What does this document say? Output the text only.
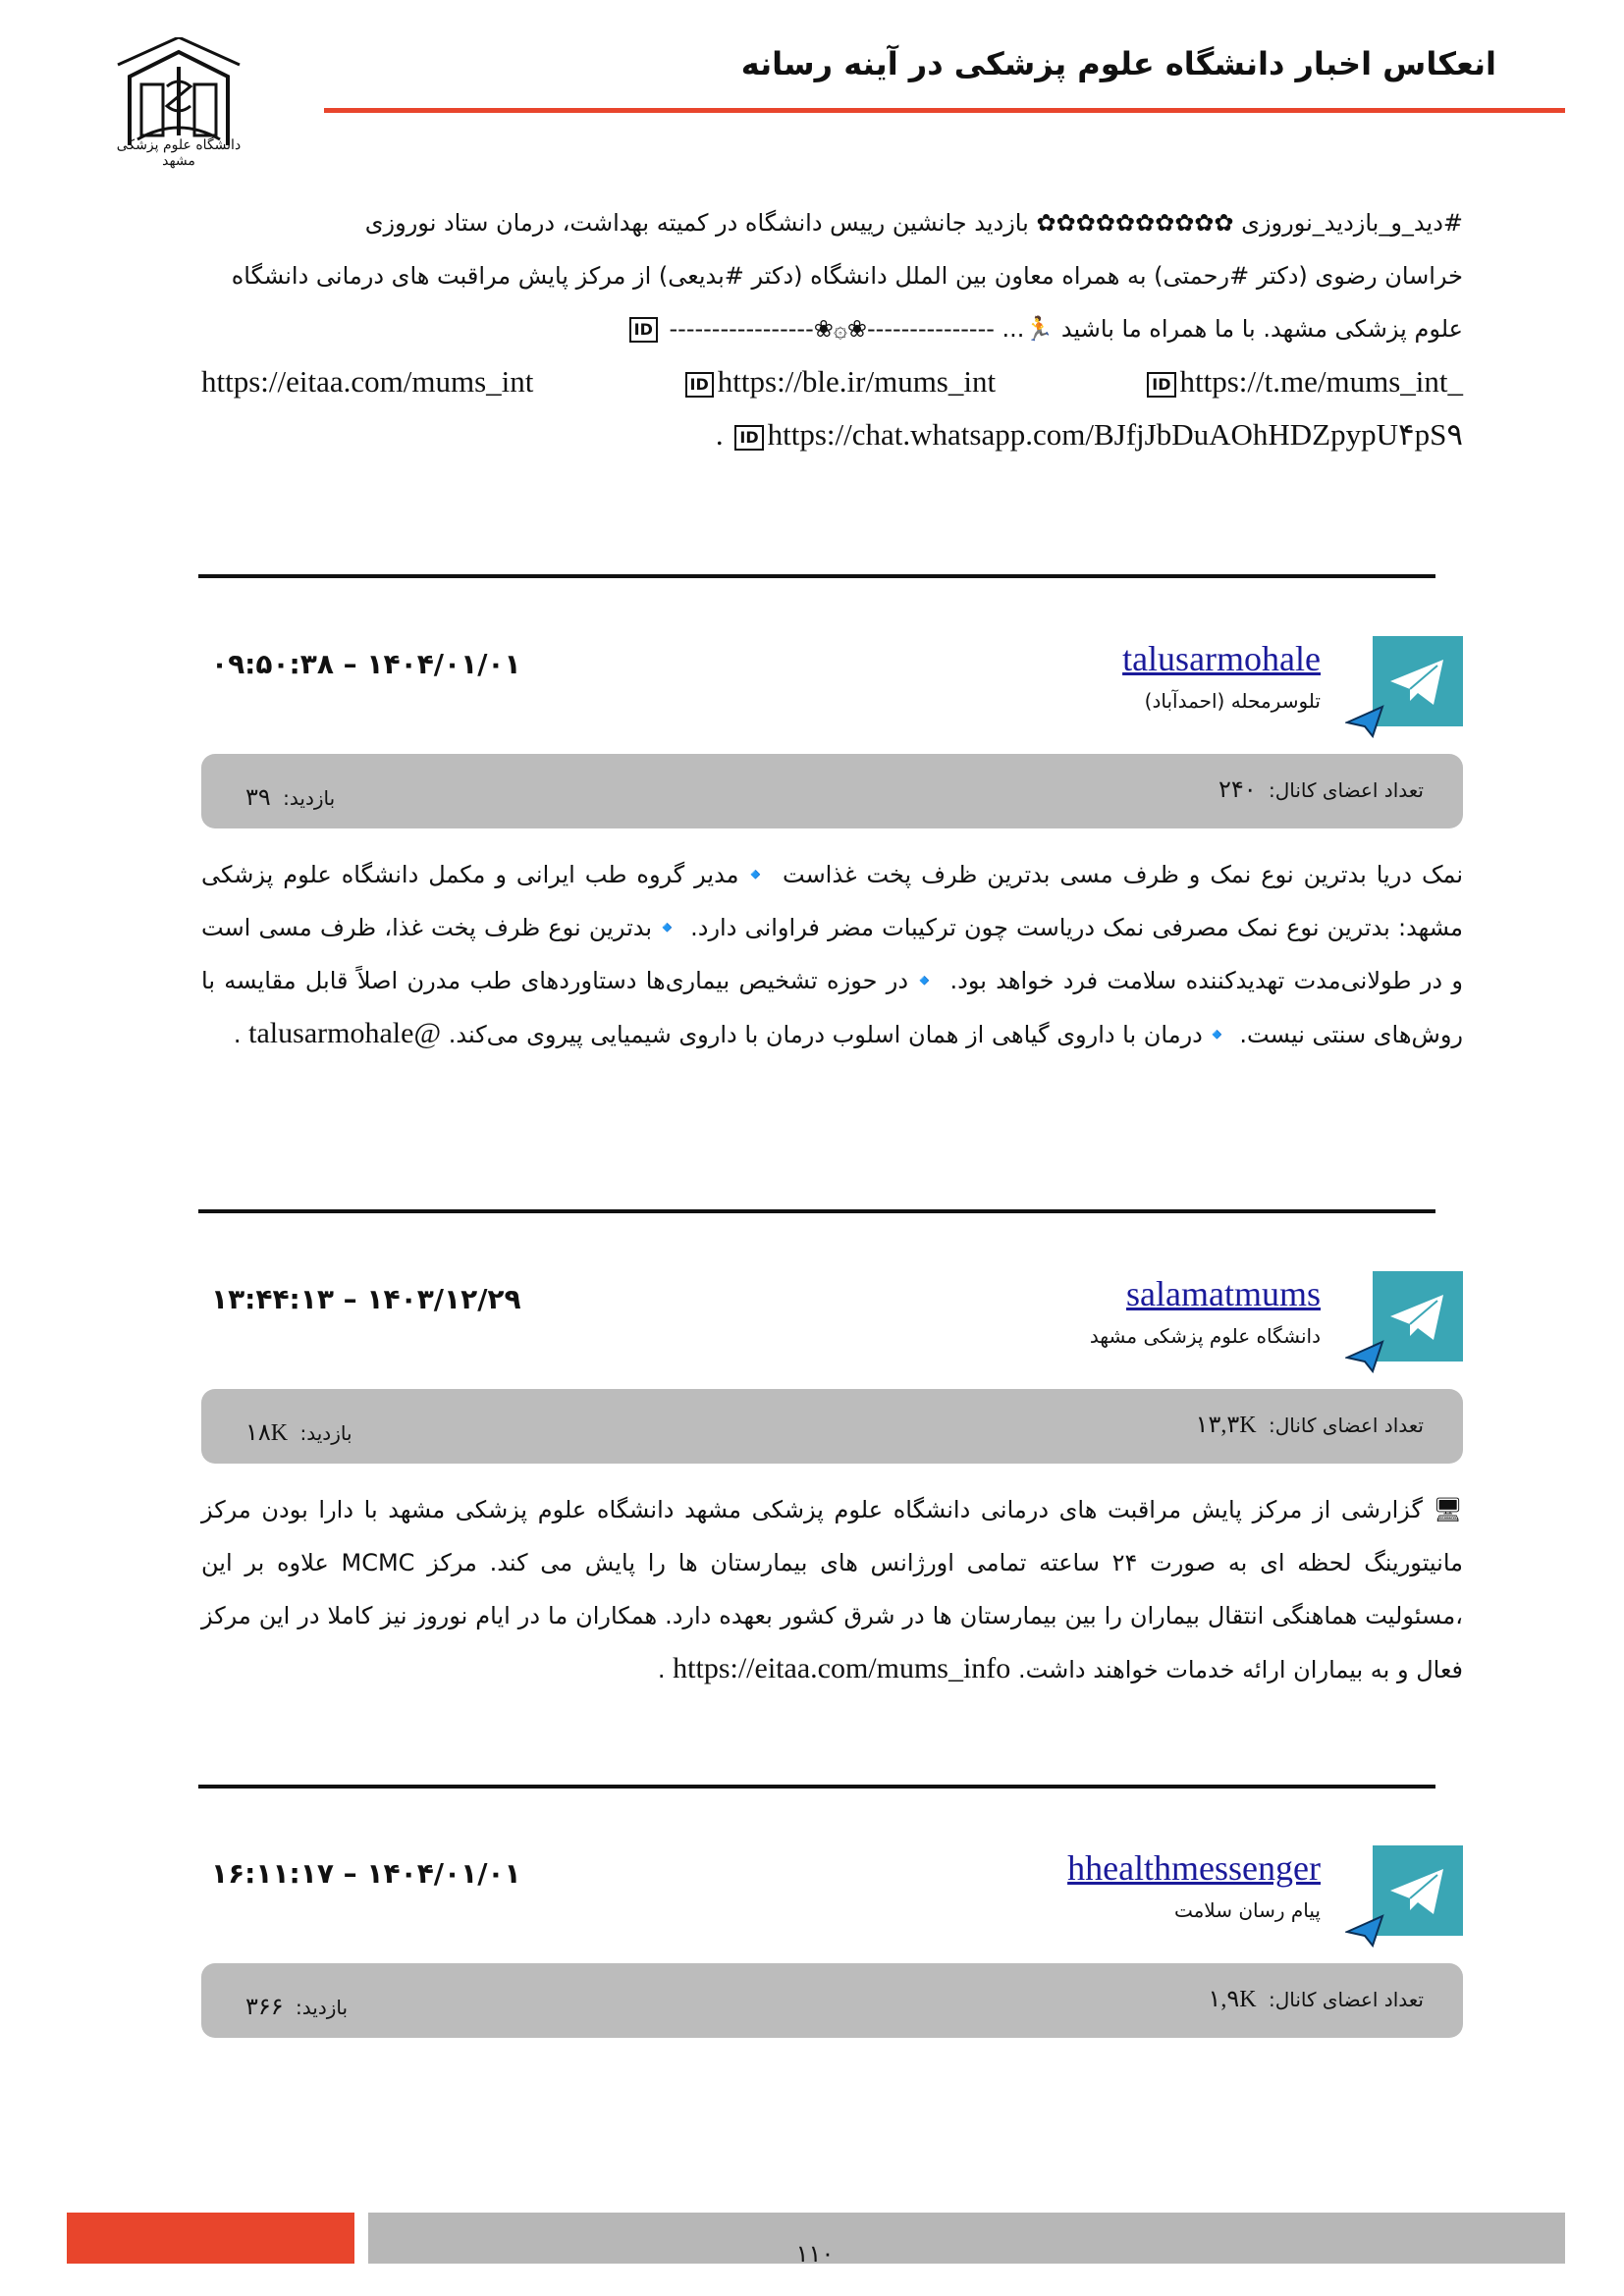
دانشگاه علوم پزشکی مشهد
انعکاس اخبار دانشگاه علوم پزشکی در آینه رسانه
#دید_و_بازدید_نوروزی ✿✿✿✿✿✿✿✿✿✿ بازدید جانشین رییس دانشگاه در کمیته بهداشت، درمان ستاد نوروزی
خراسان رضوی (دکتر #رحمتی) به همراه معاون بین الملل دانشگاه (دکتر #بدیعی) از مرکز پایش مراقبت های درمانی دانشگاه
علوم پزشکی مشهد. با ما همراه ما باشید 🏃... ---------------❀۞❀----------------- ID
https://eitaa.com/mums_int	ID https://ble.ir/mums_int	ID https://t.me/mums_int_
. ID https://chat.whatsapp.com/BJfjJbDuAOhHDZpypU۴pS۹
talusarmohale
تلوسرمحله (احمدآباد)
۰۹:۵۰:۳۸ – ۱۴۰۴/۰۱/۰۱
تعداد اعضای کانال: ۲۴۰
بازدید: ۳۹
نمک دریا بدترین نوع نمک و ظرف مسی بدترین ظرف پخت غذاست 🔹مدیر گروه طب ایرانی و مکمل دانشگاه علوم پزشکی مشهد: بدترین نوع نمک مصرفی نمک دریاست چون ترکیبات مضر فراوانی دارد. 🔹بدترین نوع ظرف پخت غذا، ظرف مسی است و در طولانی‌مدت تهدیدکننده سلامت فرد خواهد بود. 🔹در حوزه تشخیص بیماری‌ها دستاوردهای طب مدرن اصلاً قابل مقایسه با روش‌های سنتی نیست. 🔹درمان با داروی گیاهی از همان اسلوب درمان با داروی شیمیایی پیروی می‌کند. @talusarmohale .
salamatmums
دانشگاه علوم پزشکی مشهد
۱۳:۴۴:۱۳ – ۱۴۰۳/۱۲/۲۹
تعداد اعضای کانال: ۱۳,۳K
بازدید: ۱۸K
🖥 گزارشی از مرکز پایش مراقبت های درمانی دانشگاه علوم پزشکی مشهد دانشگاه علوم پزشکی مشهد با دارا بودن مرکز مانیتورینگ لحظه ای به صورت ۲۴ ساعته تمامی اورژانس های بیمارستان ها را پایش می کند. مرکز MCMC علاوه بر این ،مسئولیت هماهنگی انتقال بیماران را بین بیمارستان ها در شرق کشور بعهده دارد. همکاران ما در ایام نوروز نیز کاملا در این مرکز فعال و به بیماران ارائه خدمات خواهند داشت. https://eitaa.com/mums_info .
hhealthmessenger
پیام رسان سلامت
۱۶:۱۱:۱۷ – ۱۴۰۴/۰۱/۰۱
تعداد اعضای کانال: ۱,۹K
بازدید: ۳۶۶
۱۱۰
